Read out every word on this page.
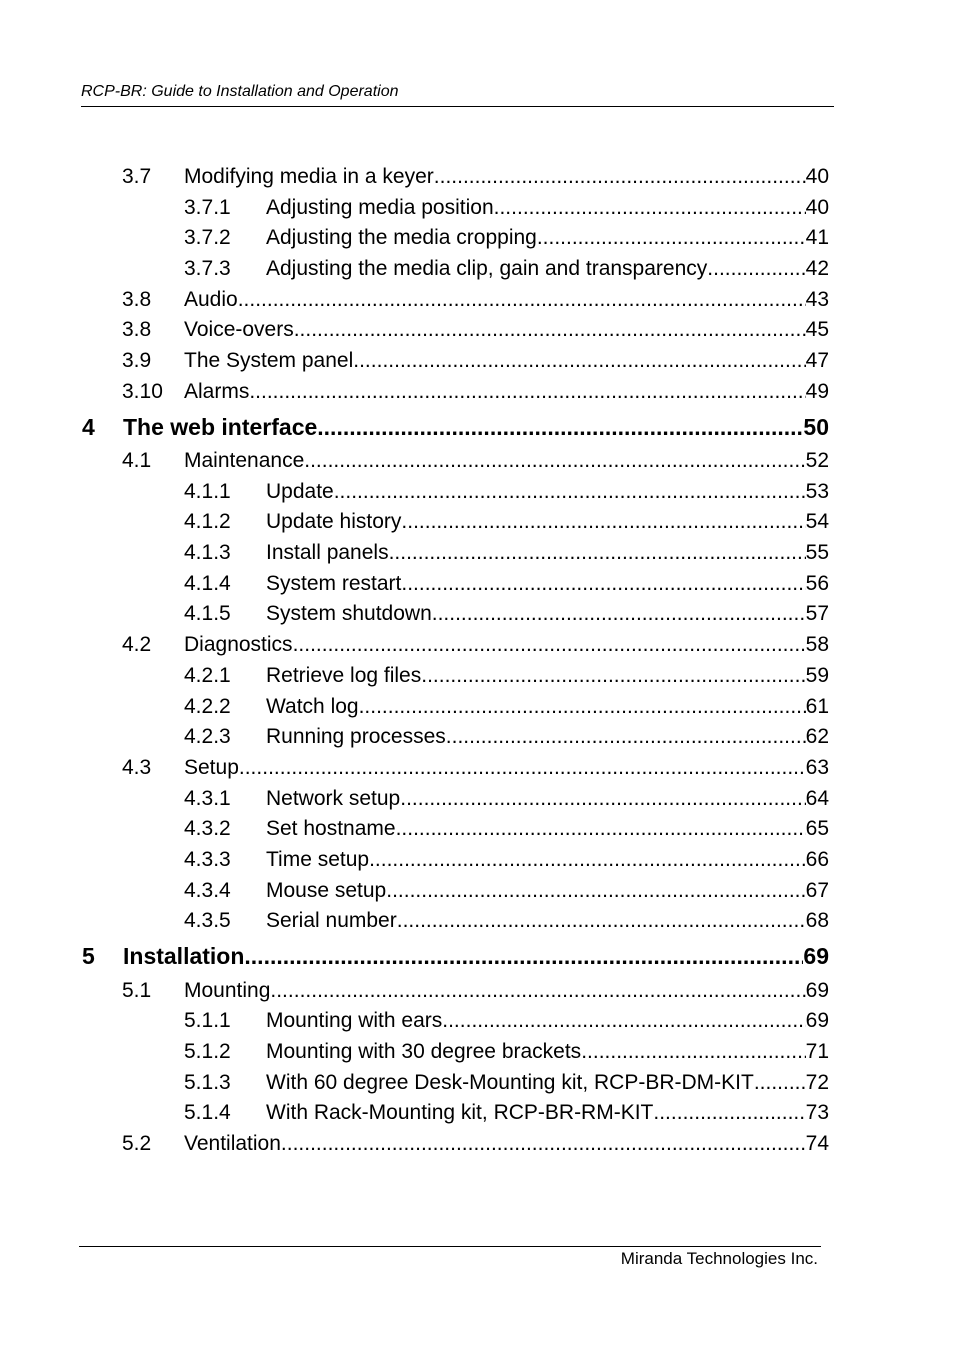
RCP-BR: Guide to Installation and Operation
3.7 Modifying media in a keyer .....	40
3.7.1 Adjusting media position .....	40
3.7.2 Adjusting the media cropping .....	41
3.7.3 Adjusting the media clip, gain and transparency .....	42
3.8 Audio .....	43
3.8 Voice-overs .....	45
3.9 The System panel .....	47
3.10 Alarms .....	49
4 The web interface .....	50
4.1 Maintenance .....	52
4.1.1 Update .....	53
4.1.2 Update history .....	54
4.1.3 Install panels .....	55
4.1.4 System restart .....	56
4.1.5 System shutdown .....	57
4.2 Diagnostics .....	58
4.2.1 Retrieve log files .....	59
4.2.2 Watch log .....	61
4.2.3 Running processes .....	62
4.3 Setup .....	63
4.3.1 Network setup .....	64
4.3.2 Set hostname .....	65
4.3.3 Time setup .....	66
4.3.4 Mouse setup .....	67
4.3.5 Serial number .....	68
5 Installation .....	69
5.1 Mounting .....	69
5.1.1 Mounting with ears .....	69
5.1.2 Mounting with 30 degree brackets .....	71
5.1.3 With 60 degree Desk-Mounting kit, RCP-BR-DM-KIT ..... 72
5.1.4 With Rack-Mounting kit, RCP-BR-RM-KIT .....	73
5.2 Ventilation .....	74
Miranda Technologies Inc.
